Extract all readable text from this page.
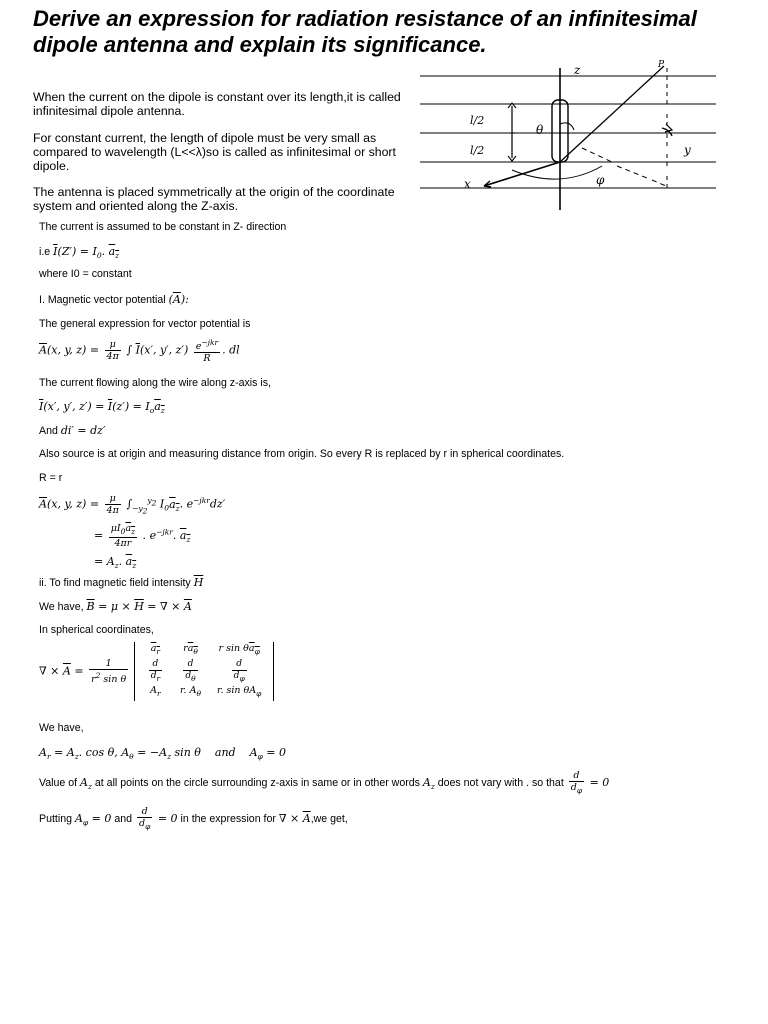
Derive an expression for radiation resistance of an infinitesimal dipole antenna and explain its significance.

When the current on the dipole is constant over its length,it is called infinitesimal dipole antenna.

For constant current, the length of dipole must be very small as compared to wavelength (L<<λ)so is called as infinitesimal or short dipole.

The antenna is placed symmetrically at the origin of the coordinate system and oriented along the Z-axis.

z	P
y
x
θ
φ
l/2
l/2

The current is assumed to be constant in Z- direction

i.e $\overline{I}(Z') = I_0$. $a_z$

where I0 = constant

I. Magnetic vector potential $(\overline{A})$:

The general expression for vector potential is

$\overline{A}(x$, y, $z) = \frac{\mu}{4\pi}$ ∫ $\overline{I}(x'$, y′, $z') \frac{e^{-jkr}}{R}$ . dl

The current flowing along the wire along z-axis is,

$\overline{I}(x'$, y′, $z') = \overline{I}(z') = I_oa_z$
And di′ = dz′

Also source is at origin and measuring distance from origin. So every R is replaced by r in spherical coordinates.

R = r

$\overline{A}(x$, y, $z) = \frac{\mu}{4\pi} \int_{-y_2}^{y_2}$ $I_0a_z$. $e^{-jkr}dz'$
= $\frac{\mu I_0a_z}{4\pi r}$ . $e^{-jkr}$. $a_z$
= $A_z$. $a_z$
ii. To find magnetic field intensity $\overline{H}$
We have, $\overline{B} = \mu \times \overline{H}$ = ∇ × $\overline{A}$

In spherical coordinates,

∇ × $\overline{A} = \frac{1}{r^2 \sin \theta}$

$a_r$	$ra_\theta$	r $\sin \theta a_\varphi$

$\frac{d}{d_r}$	$\frac{d}{d_\theta}$	$\frac{d}{d_\varphi}$

$A_r$	r. $A_\theta$	r. $\sin \theta A_\varphi$

We have,

$A_r = A_z$. cos θ, $A_\theta = -A_z$ sin θ    and $A_\varphi = 0$
Value of $A_z$ at all points on the circle surrounding z-axis in same or in other words $A_z$ does not vary with . so that $\frac{d}{d_\varphi} = 0$
Putting $A_\varphi = 0$ and $\frac{d}{d_\varphi} = 0$ in the expression for ∇ × $\overline{A},we$ get,
